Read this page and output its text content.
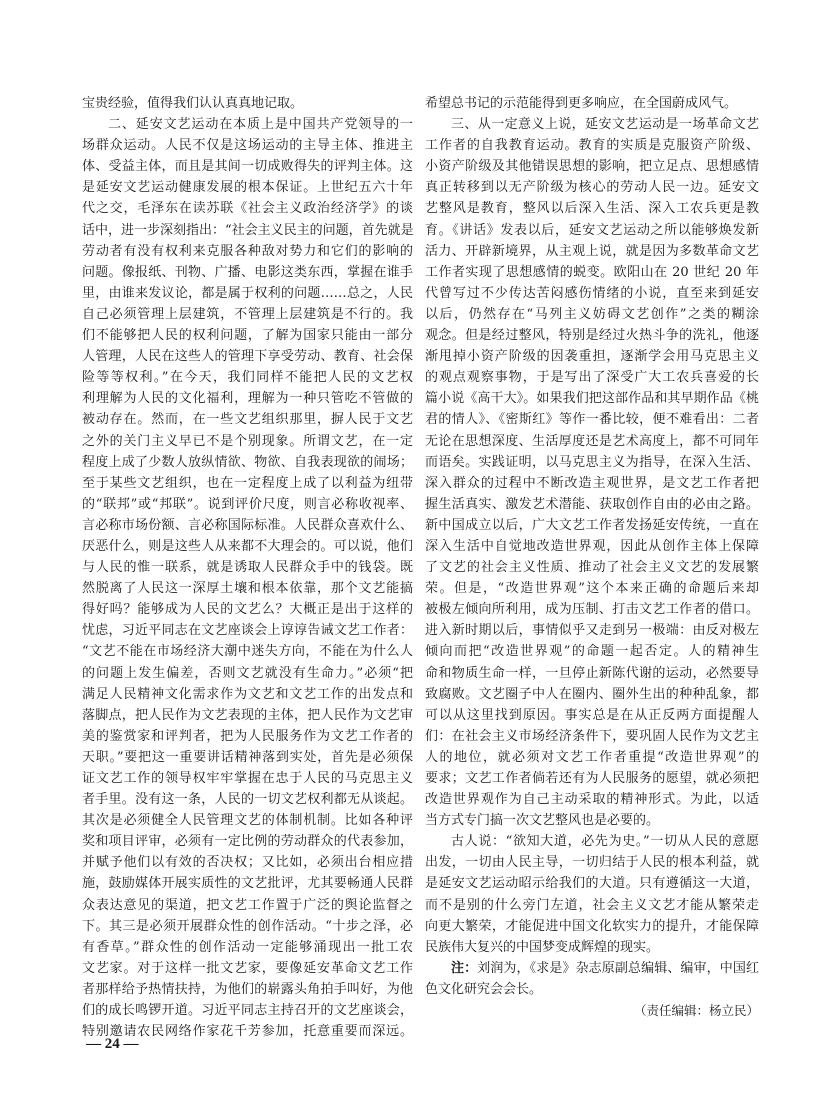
宝贵经验，值得我们认认真真地记取。
二、延安文艺运动在本质上是中国共产党领导的一
场群众运动。人民不仅是这场运动的主导主体、推进主
体、受益主体，而且是其间一切成败得失的评判主体。这
是延安文艺运动健康发展的根本保证。上世纪五六十年
代之交，毛泽东在读苏联《社会主义政治经济学》的谈
话中，进一步深刻指出：“社会主义民主的问题，首先就是
劳动者有没有权利来克服各种敌对势力和它们的影响的
问题。像报纸、刊物、广播、电影这类东西，掌握在谁手
里，由谁来发议论，都是属于权利的问题……总之，人民
自己必须管理上层建筑，不管理上层建筑是不行的。我
们不能够把人民的权利问题，了解为国家只能由一部分
人管理，人民在这些人的管理下享受劳动、教育、社会保
险等等权利。”在今天，我们同样不能把人民的文艺权
利理解为人民的文化福利，理解为一种只管吃不管做的
被动存在。然而，在一些文艺组织那里，摒人民于文艺
之外的关门主义早已不是个别现象。所谓文艺，在一定
程度上成了少数人放纵情欲、物欲、自我表现欲的闹场；
至于某些文艺组织，也在一定程度上成了以利益为纽带
的“联邦”或“邦联”。说到评价尺度，则言必称收视率、
言必称市场份额、言必称国际标准。人民群众喜欢什么、
厌恶什么，则是这些人从来都不大理会的。可以说，他们
与人民的惟一联系，就是诱取人民群众手中的钱袋。既
然脱离了人民这一深厚土壤和根本依靠，那个文艺能搞
得好吗？能够成为人民的文艺么？大概正是出于这样的
忧虑，习近平同志在文艺座谈会上谆谆告诫文艺工作者：
“文艺不能在市场经济大潮中迷失方向，不能在为什么人
的问题上发生偏差，否则文艺就没有生命力。”必须“把
满足人民精神文化需求作为文艺和文艺工作的出发点和
落脚点，把人民作为文艺表现的主体，把人民作为文艺审
美的鉴赏家和评判者，把为人民服务作为文艺工作者的
天职。”要把这一重要讲话精神落到实处，首先是必须保
证文艺工作的领导权牢牢掌握在忠于人民的马克思主义
者手里。没有这一条，人民的一切文艺权利都无从谈起。
其次是必须健全人民管理文艺的体制机制。比如各种评
奖和项目评审，必须有一定比例的劳动群众的代表参加，
并赋予他们以有效的否决权；又比如，必须出台相应措
施，鼓励媒体开展实质性的文艺批评，尤其要畅通人民群
众表达意见的渠道，把文艺工作置于广泛的舆论监督之
下。其三是必须开展群众性的创作活动。“十步之泽，必
有香草。”群众性的创作活动一定能够涌现出一批工农
文艺家。对于这样一批文艺家，要像延安革命文艺工作
者那样给予热情扶持，为他们的崭露头角拍手叫好，为他
们的成长鸣锣开道。习近平同志主持召开的文艺座谈会，
特别邀请农民网络作家花千芳参加，托意重要而深远。
希望总书记的示范能得到更多响应，在全国蔚成风气。
三、从一定意义上说，延安文艺运动是一场革命文艺
工作者的自我教育运动。教育的实质是克服资产阶级、
小资产阶级及其他错误思想的影响，把立足点、思想感情
真正转移到以无产阶级为核心的劳动人民一边。延安文
艺整风是教育，整风以后深入生活、深入工农兵更是教
育。《讲话》发表以后，延安文艺运动之所以能够焕发新
活力、开辟新境界，从主观上说，就是因为多数革命文艺
工作者实现了思想感情的蜕变。欧阳山在 20 世纪 20 年
代曾写过不少传达苦闷感伤情绪的小说，直至来到延安
以后，仍然存在“马列主义妨碍文艺创作”之类的糊涂
观念。但是经过整风，特别是经过火热斗争的洗礼，他逐
渐甩掉小资产阶级的因袭重担，逐渐学会用马克思主义
的观点观察事物，于是写出了深受广大工农兵喜爱的长
篇小说《高干大》。如果我们把这部作品和其早期作品《桃
君的情人》、《密斯红》等作一番比较，便不难看出：二者
无论在思想深度、生活厚度还是艺术高度上，都不可同年
而语矣。实践证明，以马克思主义为指导，在深入生活、
深入群众的过程中不断改造主观世界，是文艺工作者把
握生活真实、激发艺术潜能、获取创作自由的必由之路。
新中国成立以后，广大文艺工作者发扬延安传统，一直在
深入生活中自觉地改造世界观，因此从创作主体上保障
了文艺的社会主义性质、推动了社会主义文艺的发展繁
荣。但是，“改造世界观”这个本来正确的命题后来却
被极左倾向所利用，成为压制、打击文艺工作者的借口。
进入新时期以后，事情似乎又走到另一极端：由反对极左
倾向而把“改造世界观”的命题一起否定。人的精神生
命和物质生命一样，一旦停止新陈代谢的运动，必然要导
致腐败。文艺圈子中人在圈内、圈外生出的种种乱象，都
可以从这里找到原因。事实总是在从正反两方面提醒人
们：在社会主义市场经济条件下，要巩固人民作为文艺主
人的地位，就必须对文艺工作者重提“改造世界观”的
要求；文艺工作者倘若还有为人民服务的愿望，就必须把
改造世界观作为自己主动采取的精神形式。为此，以适
当方式专门搞一次文艺整风也是必要的。
古人说：“欲知大道，必先为史。”一切从人民的意愿
出发，一切由人民主导，一切归结于人民的根本利益，就
是延安文艺运动昭示给我们的大道。只有遵循这一大道，
而不是别的什么旁门左道，社会主义文艺才能从繁荣走
向更大繁荣，才能促进中国文化软实力的提升，才能保障
民族伟大复兴的中国梦变成辉煌的现实。
注：刘润为，《求是》杂志原副总编辑、编审，中国红
色文化研究会会长。
（责任编辑：杨立民）
— 24 —
